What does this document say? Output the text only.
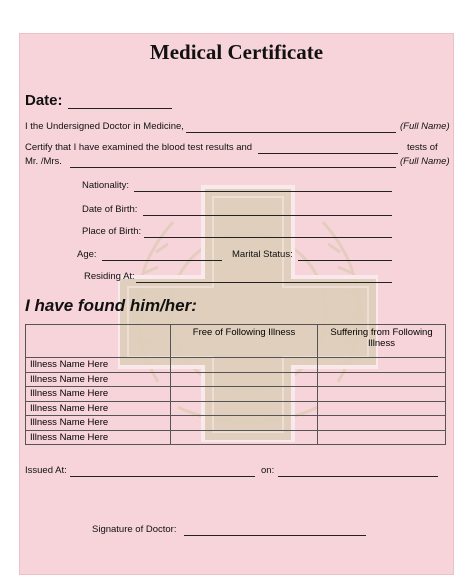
Medical Certificate
Date:
I the Undersigned Doctor in Medicine,	(Full Name)
Certify that I have examined the blood test results and	tests of
Mr. /Mrs.	(Full Name)
Nationality:
Date of Birth:
Place of Birth:
Age:	Marital Status:
Residing At:
I have found him/her:
	Free of Following Illness	Suffering from Following Illness
Illness Name Here		
Illness Name Here		
Illness Name Here		
Illness Name Here		
Illness Name Here		
Illness Name Here		
Issued At:	on:
Signature of Doctor:
